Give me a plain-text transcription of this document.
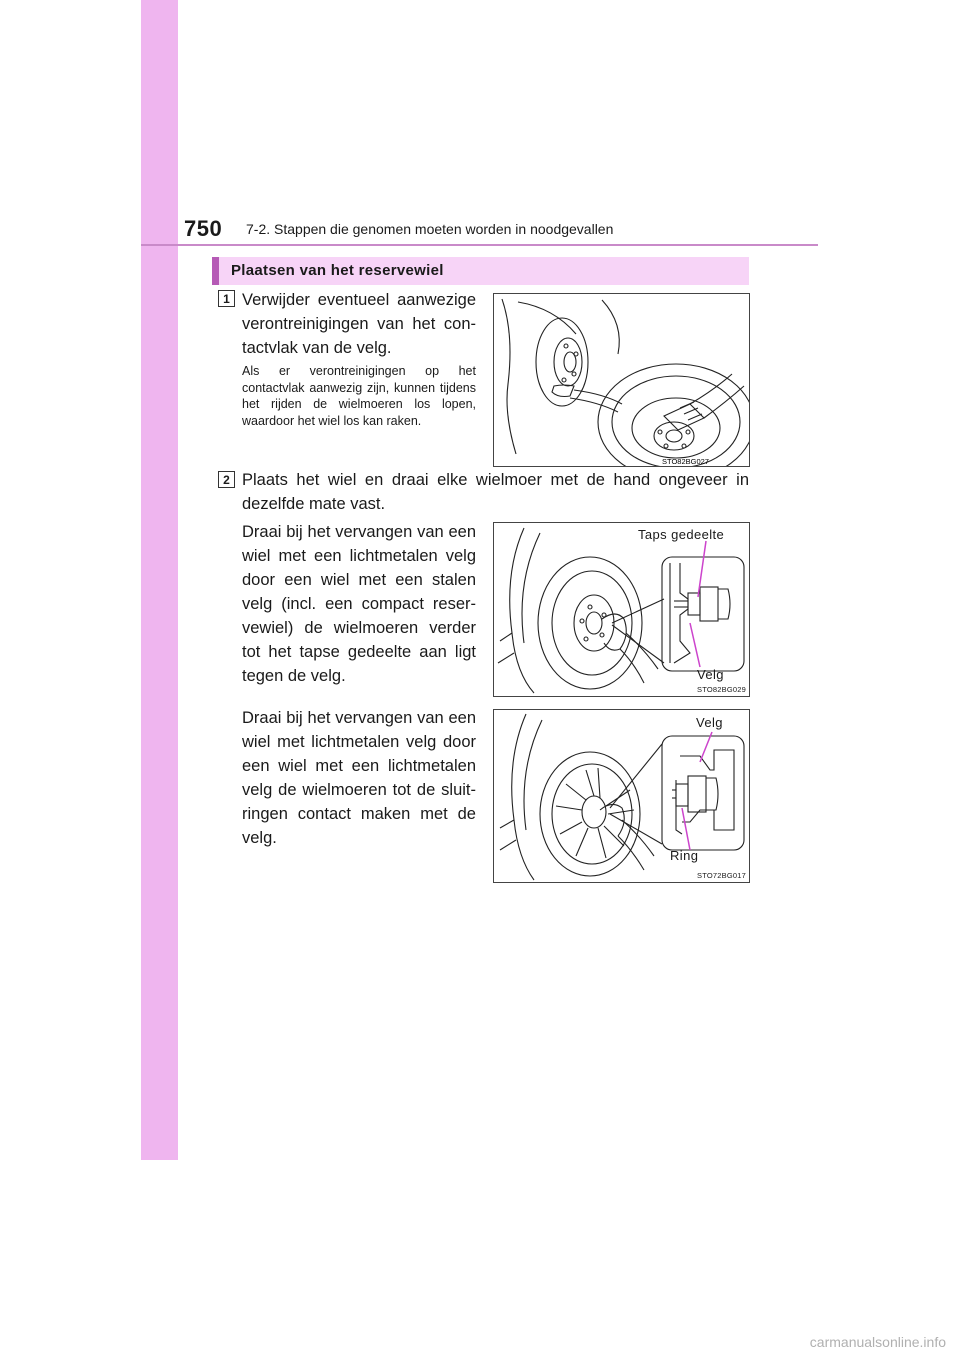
750 7-2. Stappen die genomen moeten worden in noodgevallen
Plaatsen van het reservewiel
1 Verwijder eventueel aanwezige verontreinigingen van het con-tactvlak van de velg.
Als er verontreinigingen op het contactvlak aanwezig zijn, kunnen tijdens het rijden de wielmoeren los lopen, waardoor het wiel los kan raken.
STO82BG027
2 Plaats het wiel en draai elke wielmoer met de hand ongeveer in dezelfde mate vast.
Draai bij het vervangen van een wiel met een lichtmetalen velg door een wiel met een stalen velg (incl. een compact reser-vewiel) de wielmoeren verder tot het tapse gedeelte aan ligt tegen de velg.
Draai bij het vervangen van een wiel met lichtmetalen velg door een wiel met een lichtmetalen velg de wielmoeren tot de sluit-ringen contact maken met de velg.
Taps gedeelte
Velg
STO82BG029
Velg
Ring
STO72BG017
carmanualsonline.info
